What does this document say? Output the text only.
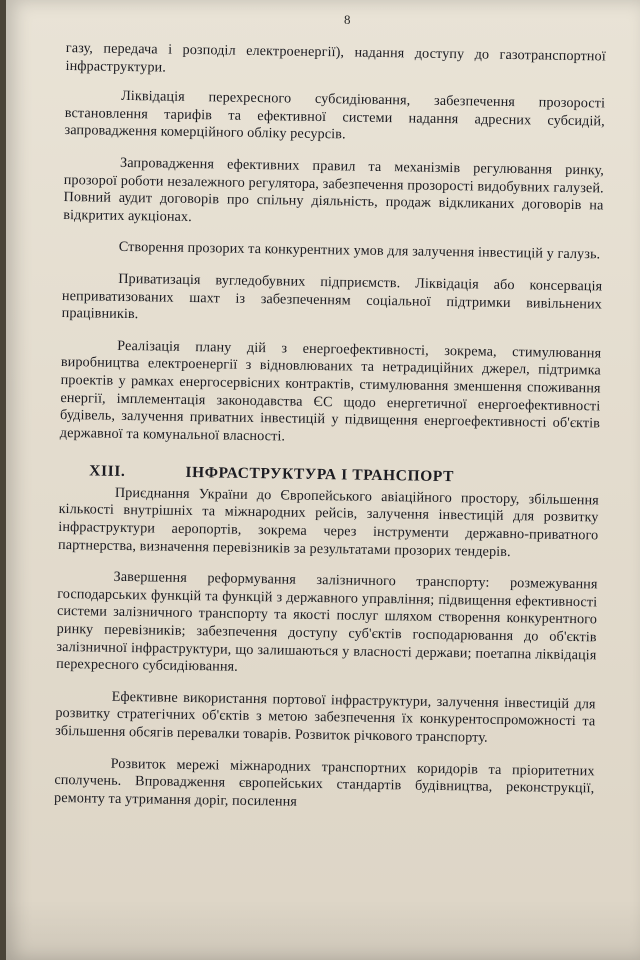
8

газу, передача і розподіл електроенергії), надання доступу до газотранспортної інфраструктури.

Ліквідація перехресного субсидіювання, забезпечення прозорості встановлення тарифів та ефективної системи надання адресних субсидій, запровадження комерційного обліку ресурсів.

Запровадження ефективних правил та механізмів регулювання ринку, прозорої роботи незалежного регулятора, забезпечення прозорості видобувних галузей. Повний аудит договорів про спільну діяльність, продаж відкликаних договорів на відкритих аукціонах.

Створення прозорих та конкурентних умов для залучення інвестицій у галузь.

Приватизація вугледобувних підприємств. Ліквідація або консервація неприватизованих шахт із забезпеченням соціальної підтримки вивільнених працівників.

Реалізація плану дій з енергоефективності, зокрема, стимулювання виробництва електроенергії з відновлюваних та нетрадиційних джерел, підтримка проектів у рамках енергосервісних контрактів, стимулювання зменшення споживання енергії, імплементація законодавства ЄС щодо енергетичної енергоефективності будівель, залучення приватних інвестицій у підвищення енергоефективності об'єктів державної та комунальної власності.

XIII.	ІНФРАСТРУКТУРА І ТРАНСПОРТ

Приєднання України до Європейського авіаційного простору, збільшення кількості внутрішніх та міжнародних рейсів, залучення інвестицій для розвитку інфраструктури аеропортів, зокрема через інструменти державно-приватного партнерства, визначення перевізників за результатами прозорих тендерів.

Завершення реформування залізничного транспорту: розмежування господарських функцій та функцій з державного управління; підвищення ефективності системи залізничного транспорту та якості послуг шляхом створення конкурентного ринку перевізників; забезпечення доступу суб'єктів господарювання до об'єктів залізничної інфраструктури, що залишаються у власності держави; поетапна ліквідація перехресного субсидіювання.

Ефективне використання портової інфраструктури, залучення інвестицій для розвитку стратегічних об'єктів з метою забезпечення їх конкурентоспроможності та збільшення обсягів перевалки товарів. Розвиток річкового транспорту.

Розвиток мережі міжнародних транспортних коридорів та пріоритетних сполучень. Впровадження європейських стандартів будівництва, реконструкції, ремонту та утримання доріг, посилення
